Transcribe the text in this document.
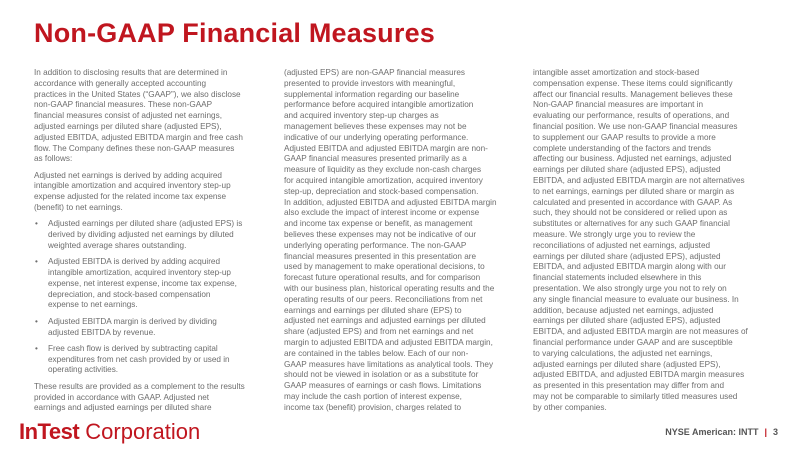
Non-GAAP Financial Measures
In addition to disclosing results that are determined in
accordance with generally accepted accounting
practices in the United States (“GAAP”), we also disclose
non-GAAP financial measures. These non-GAAP
financial measures consist of adjusted net earnings,
adjusted earnings per diluted share (adjusted EPS),
adjusted EBITDA, adjusted EBITDA margin and free cash
flow. The Company defines these non-GAAP measures
as follows:
Adjusted net earnings is derived by adding acquired
intangible amortization and acquired inventory step-up
expense adjusted for the related income tax expense
(benefit) to net earnings.
• Adjusted earnings per diluted share (adjusted EPS) is
derived by dividing adjusted net earnings by diluted
weighted average shares outstanding.
• Adjusted EBITDA is derived by adding acquired
intangible amortization, acquired inventory step-up
expense, net interest expense, income tax expense,
depreciation, and stock-based compensation
expense to net earnings.
• Adjusted EBITDA margin is derived by dividing
adjusted EBITDA by revenue.
• Free cash flow is derived by subtracting capital
expenditures from net cash provided by or used in
operating activities.
These results are provided as a complement to the results
provided in accordance with GAAP. Adjusted net
earnings and adjusted earnings per diluted share
(adjusted EPS) are non-GAAP financial measures
presented to provide investors with meaningful,
supplemental information regarding our baseline
performance before acquired intangible amortization
and acquired inventory step-up charges as
management believes these expenses may not be
indicative of our underlying operating performance.
Adjusted EBITDA and adjusted EBITDA margin are non-
GAAP financial measures presented primarily as a
measure of liquidity as they exclude non-cash charges
for acquired intangible amortization, acquired inventory
step-up, depreciation and stock-based compensation.
In addition, adjusted EBITDA and adjusted EBITDA margin
also exclude the impact of interest income or expense
and income tax expense or benefit, as management
believes these expenses may not be indicative of our
underlying operating performance. The non-GAAP
financial measures presented in this presentation are
used by management to make operational decisions, to
forecast future operational results, and for comparison
with our business plan, historical operating results and the
operating results of our peers. Reconciliations from net
earnings and earnings per diluted share (EPS) to
adjusted net earnings and adjusted earnings per diluted
share (adjusted EPS) and from net earnings and net
margin to adjusted EBITDA and adjusted EBITDA margin,
are contained in the tables below. Each of our non-
GAAP measures have limitations as analytical tools. They
should not be viewed in isolation or as a substitute for
GAAP measures of earnings or cash flows. Limitations
may include the cash portion of interest expense,
income tax (benefit) provision, charges related to
intangible asset amortization and stock-based
compensation expense. These items could significantly
affect our financial results. Management believes these
Non-GAAP financial measures are important in
evaluating our performance, results of operations, and
financial position. We use non-GAAP financial measures
to supplement our GAAP results to provide a more
complete understanding of the factors and trends
affecting our business. Adjusted net earnings, adjusted
earnings per diluted share (adjusted EPS), adjusted
EBITDA, and adjusted EBITDA margin are not alternatives
to net earnings, earnings per diluted share or margin as
calculated and presented in accordance with GAAP. As
such, they should not be considered or relied upon as
substitutes or alternatives for any such GAAP financial
measure. We strongly urge you to review the
reconciliations of adjusted net earnings, adjusted
earnings per diluted share (adjusted EPS), adjusted
EBITDA, and adjusted EBITDA margin along with our
financial statements included elsewhere in this
presentation. We also strongly urge you not to rely on
any single financial measure to evaluate our business. In
addition, because adjusted net earnings, adjusted
earnings per diluted share (adjusted EPS), adjusted
EBITDA, and adjusted EBITDA margin are not measures of
financial performance under GAAP and are susceptible
to varying calculations, the adjusted net earnings,
adjusted earnings per diluted share (adjusted EPS),
adjusted EBITDA, and adjusted EBITDA margin measures
as presented in this presentation may differ from and
may not be comparable to similarly titled measures used
by other companies.
InTest Corporation	NYSE American: INTT | 3
